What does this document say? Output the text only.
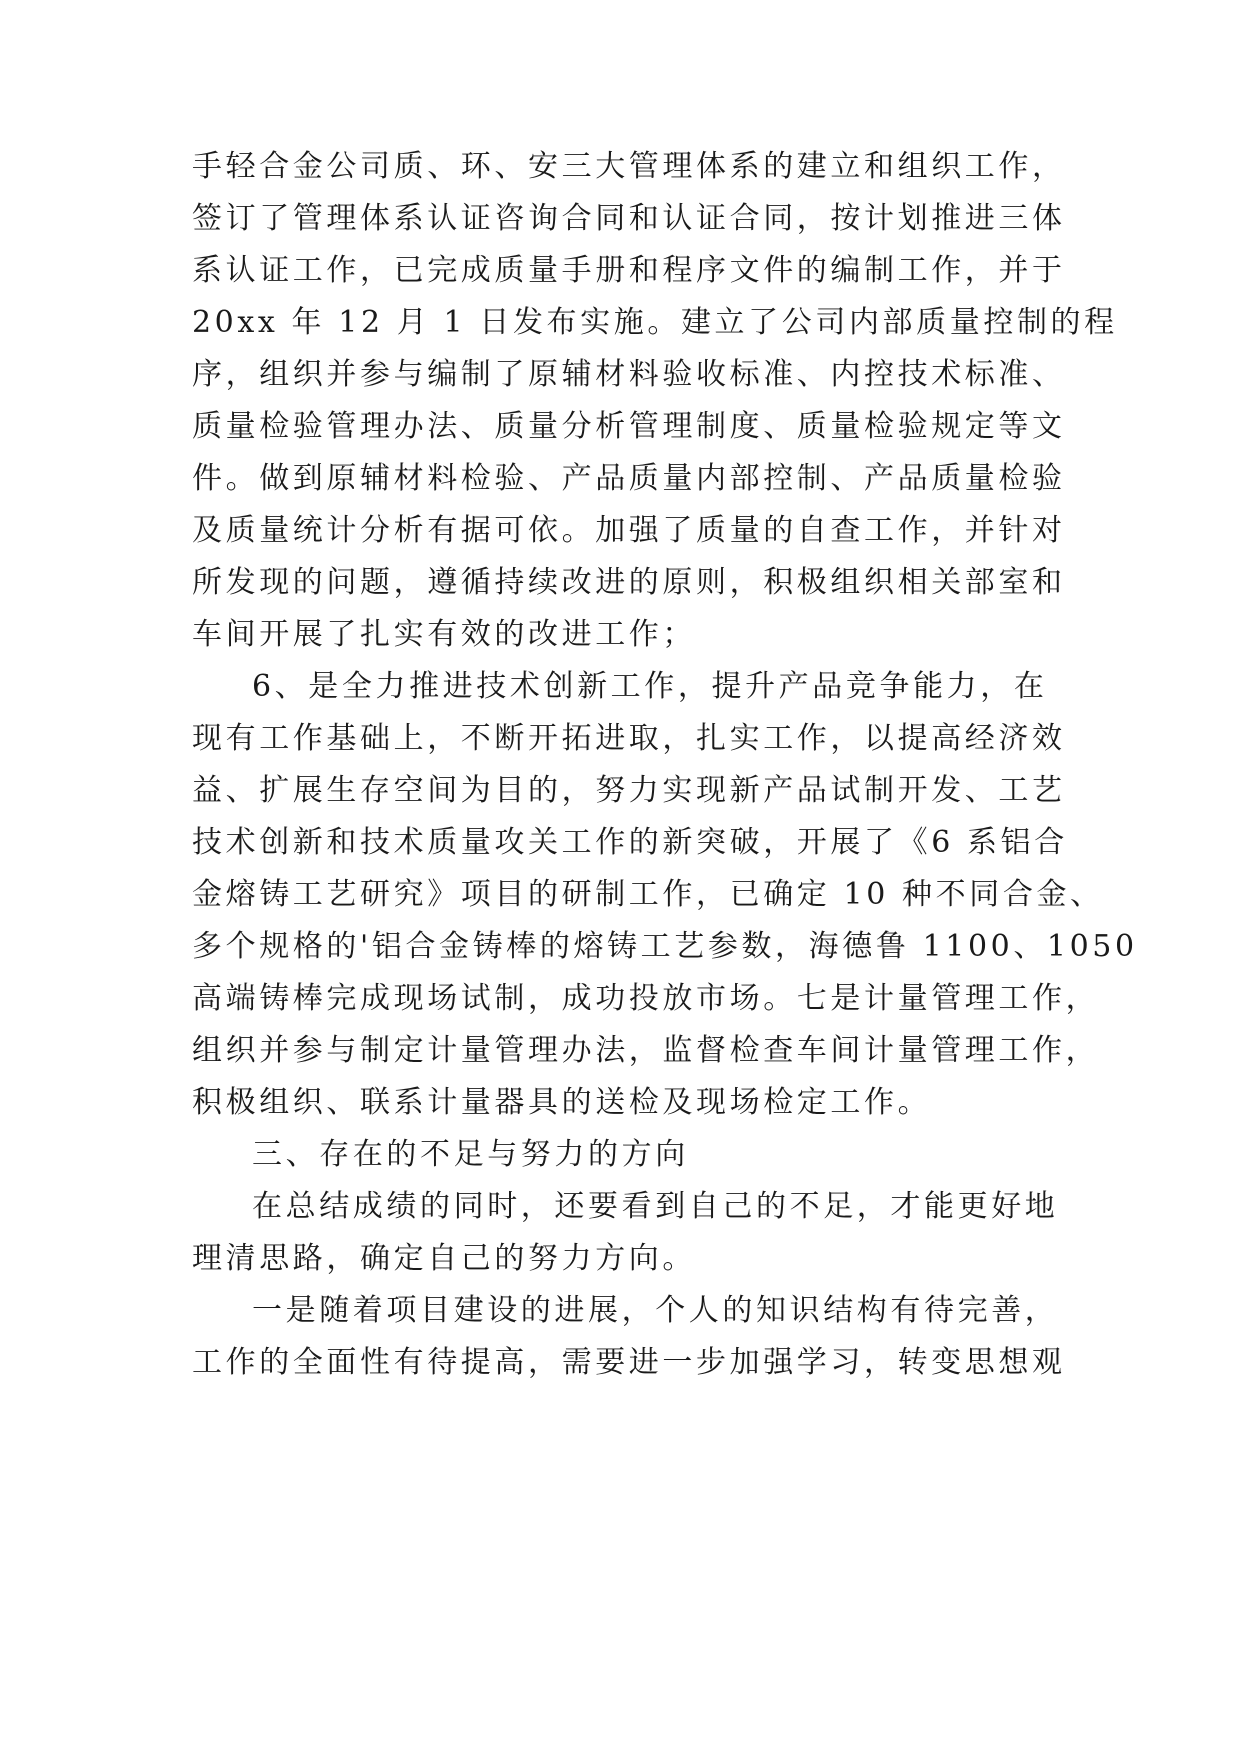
手轻合金公司质、环、安三大管理体系的建立和组织工作，
签订了管理体系认证咨询合同和认证合同，按计划推进三体
系认证工作，已完成质量手册和程序文件的编制工作，并于
20xx 年 12 月 1 日发布实施。建立了公司内部质量控制的程
序，组织并参与编制了原辅材料验收标准、内控技术标准、
质量检验管理办法、质量分析管理制度、质量检验规定等文
件。做到原辅材料检验、产品质量内部控制、产品质量检验
及质量统计分析有据可依。加强了质量的自查工作，并针对
所发现的问题，遵循持续改进的原则，积极组织相关部室和
车间开展了扎实有效的改进工作；
6、是全力推进技术创新工作，提升产品竞争能力，在
现有工作基础上，不断开拓进取，扎实工作，以提高经济效
益、扩展生存空间为目的，努力实现新产品试制开发、工艺
技术创新和技术质量攻关工作的新突破，开展了《6 系铝合
金熔铸工艺研究》项目的研制工作，已确定 10 种不同合金、
多个规格的'铝合金铸棒的熔铸工艺参数，海德鲁 1100、1050
高端铸棒完成现场试制，成功投放市场。七是计量管理工作，
组织并参与制定计量管理办法，监督检查车间计量管理工作，
积极组织、联系计量器具的送检及现场检定工作。
三、存在的不足与努力的方向
在总结成绩的同时，还要看到自己的不足，才能更好地
理清思路，确定自己的努力方向。
一是随着项目建设的进展，个人的知识结构有待完善，
工作的全面性有待提高，需要进一步加强学习，转变思想观
